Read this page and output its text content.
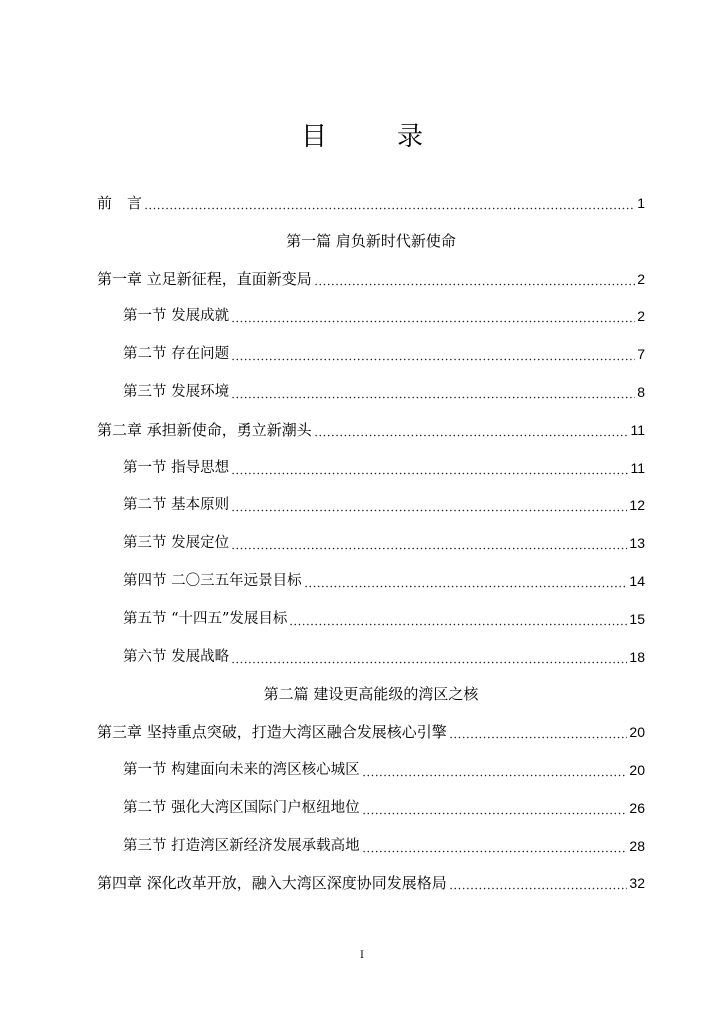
目　录
前　言	1
第一篇 肩负新时代新使命
第一章 立足新征程，直面新变局	2
第一节 发展成就	2
第二节 存在问题	7
第三节 发展环境	8
第二章 承担新使命，勇立新潮头	11
第一节 指导思想	11
第二节 基本原则	12
第三节 发展定位	13
第四节 二〇三五年远景目标	14
第五节 “十四五”发展目标	15
第六节 发展战略	18
第二篇 建设更高能级的湾区之核
第三章 坚持重点突破，打造大湾区融合发展核心引擎	20
第一节 构建面向未来的湾区核心城区	20
第二节 强化大湾区国际门户枢纽地位	26
第三节 打造湾区新经济发展承载高地	28
第四章 深化改革开放，融入大湾区深度协同发展格局	32
I
